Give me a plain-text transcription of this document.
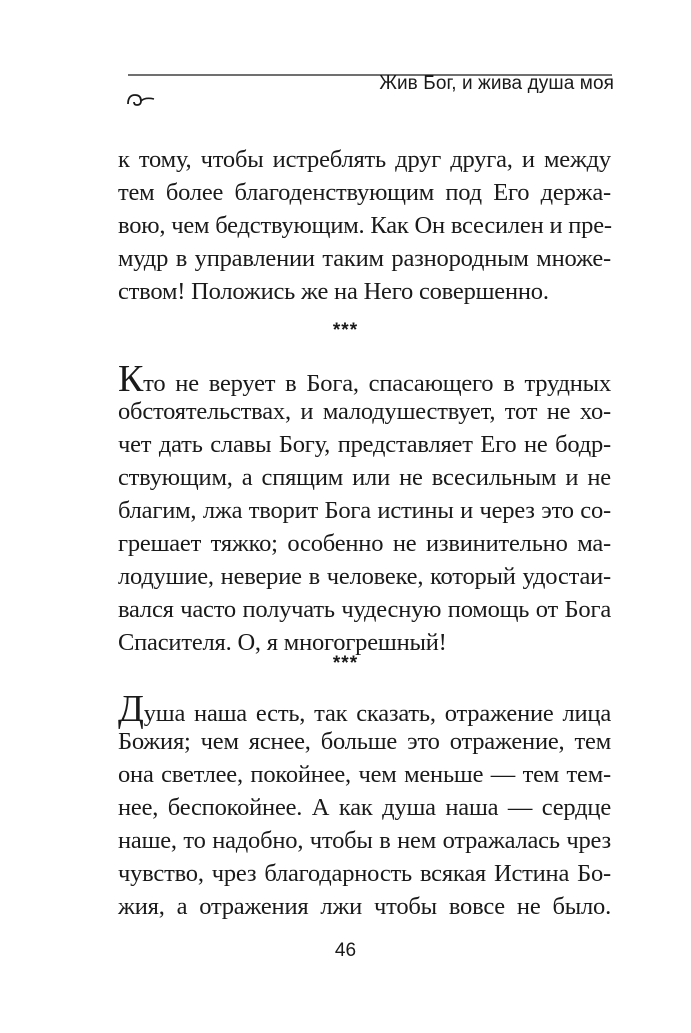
Жив Бог, и жива душа моя
к тому, чтобы истреблять друг друга, и между
тем более благоденствующим под Его держа-
вою, чем бедствующим. Как Он всесилен и пре-
мудр в управлении таким разнородным множе-
ством! Положись же на Него совершенно.
***
Кто не верует в Бога, спасающего в трудных
обстоятельствах, и малодушествует, тот не хо-
чет дать славы Богу, представляет Его не бодр-
ствующим, а спящим или не всесильным и не
благим, лжа творит Бога истины и через это со-
грешает тяжко; особенно не извинительно ма-
лодушие, неверие в человеке, который удостаи-
вался часто получать чудесную помощь от Бога
Спасителя. О, я многогрешный!
***
Душа наша есть, так сказать, отражение лица
Божия; чем яснее, больше это отражение, тем
она светлее, покойнее, чем меньше — тем тем-
нее, беспокойнее. А как душа наша — сердце
наше, то надобно, чтобы в нем отражалась чрез
чувство, чрез благодарность всякая Истина Бо-
жия, а отражения лжи чтобы вовсе не было.
46
